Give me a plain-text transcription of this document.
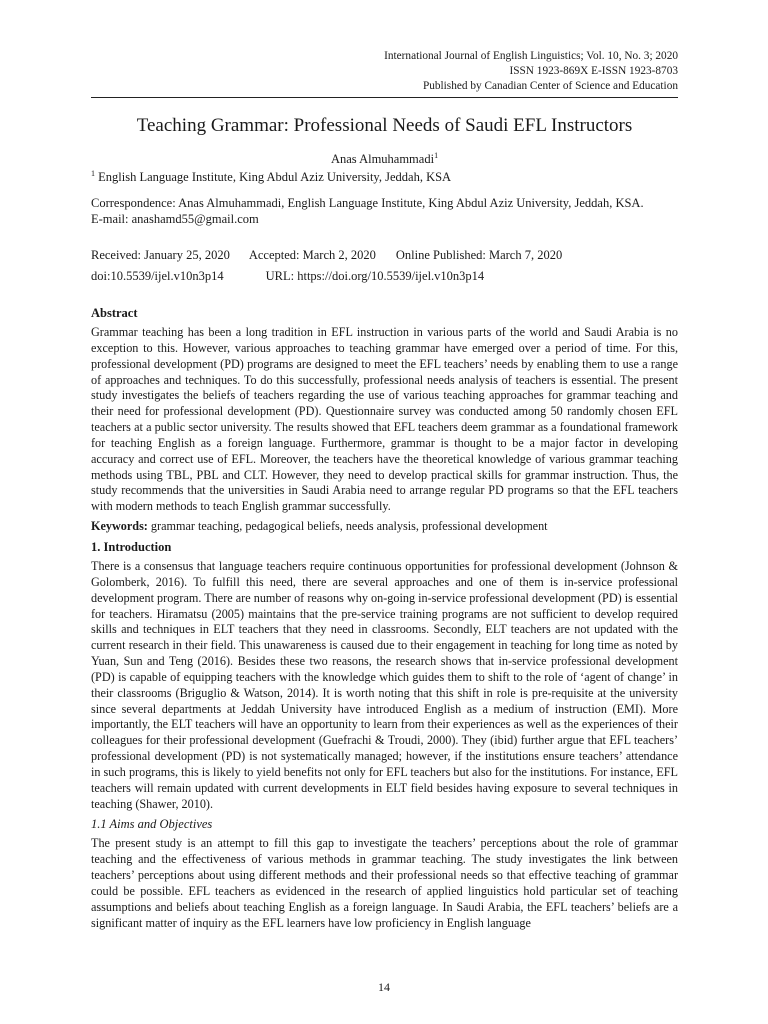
International Journal of English Linguistics; Vol. 10, No. 3; 2020
ISSN 1923-869X E-ISSN 1923-8703
Published by Canadian Center of Science and Education
Teaching Grammar: Professional Needs of Saudi EFL Instructors
Anas Almuhammadi$^1$
$^1$ English Language Institute, King Abdul Aziz University, Jeddah, KSA
Correspondence: Anas Almuhammadi, English Language Institute, King Abdul Aziz University, Jeddah, KSA.
E-mail: anashamd55@gmail.com
Received: January 25, 2020 Accepted: March 2, 2020 Online Published: March 7, 2020
doi:10.5539/ijel.v10n3p14	URL: https://doi.org/10.5539/ijel.v10n3p14
Abstract

Grammar teaching has been a long tradition in EFL instruction in various parts of the world and Saudi Arabia is no exception to this. However, various approaches to teaching grammar have emerged over a period of time. For this, professional development (PD) programs are designed to meet the EFL teachers’ needs by enabling them to use a range of approaches and techniques. To do this successfully, professional needs analysis of teachers is essential. The present study investigates the beliefs of teachers regarding the use of various teaching approaches for grammar teaching and their need for professional development (PD). Questionnaire survey was conducted among 50 randomly chosen EFL teachers at a public sector university. The results showed that EFL teachers deem grammar as a foundational framework for teaching English as a foreign language. Furthermore, grammar is thought to be a major factor in developing accuracy and correct use of EFL. Moreover, the teachers have the theoretical knowledge of various grammar teaching methods using TBL, PBL and CLT. However, they need to develop practical skills for grammar instruction. Thus, the study recommends that the universities in Saudi Arabia need to arrange regular PD programs so that the EFL teachers with modern methods to teach English grammar successfully.

Keywords: grammar teaching, pedagogical beliefs, needs analysis, professional development
1. Introduction

There is a consensus that language teachers require continuous opportunities for professional development (Johnson & Golomberk, 2016). To fulfill this need, there are several approaches and one of them is in-service professional development program. There are number of reasons why on-going in-service professional development (PD) is essential for teachers. Hiramatsu (2005) maintains that the pre-service training programs are not sufficient to develop required skills and techniques in ELT teachers that they need in classrooms. Secondly, ELT teachers are not updated with the current research in their field. This unawareness is caused due to their engagement in teaching for long time as noted by Yuan, Sun and Teng (2016). Besides these two reasons, the research shows that in-service professional development (PD) is capable of equipping teachers with the knowledge which guides them to shift to the role of ‘agent of change’ in their classrooms (Briguglio & Watson, 2014). It is worth noting that this shift in role is pre-requisite at the university since several departments at Jeddah University have introduced English as a medium of instruction (EMI). More importantly, the ELT teachers will have an opportunity to learn from their experiences as well as the experiences of their colleagues for their professional development (Guefrachi & Troudi, 2000). They (ibid) further argue that EFL teachers’ professional development (PD) is not systematically managed; however, if the institutions ensure teachers’ attendance in such programs, this is likely to yield benefits not only for EFL teachers but also for the institutions. For instance, EFL teachers will remain updated with current developments in ELT field besides having exposure to several techniques in teaching (Shawer, 2010).

1.1 Aims and Objectives

The present study is an attempt to fill this gap to investigate the teachers’ perceptions about the role of grammar teaching and the effectiveness of various methods in grammar teaching. The study investigates the link between teachers’ perceptions about using different methods and their professional needs so that effective teaching of grammar could be possible. EFL teachers as evidenced in the research of applied linguistics hold particular set of teaching assumptions and beliefs about teaching English as a foreign language. In Saudi Arabia, the EFL teachers’ beliefs are a significant matter of inquiry as the EFL learners have low proficiency in English language

14
